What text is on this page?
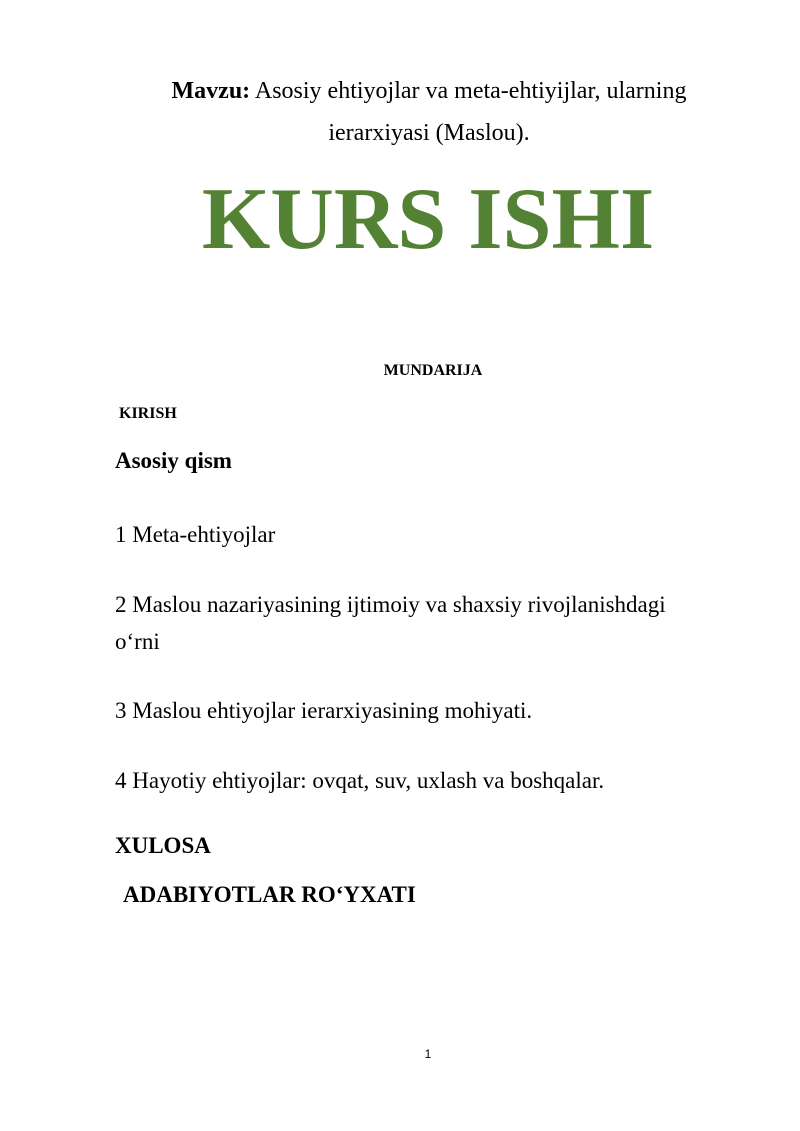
Mavzu: Asosiy ehtiyojlar va meta-ehtiyijlar, ularning
ierarxiyasi (Maslou).
KURS ISHI
MUNDARIJA
KIRISH
Asosiy qism
1 Meta-ehtiyojlar
2 Maslou nazariyasining ijtimoiy va shaxsiy rivojlanishdagi o‘rni
3 Maslou ehtiyojlar ierarxiyasining mohiyati.
4 Hayotiy ehtiyojlar: ovqat, suv, uxlash va boshqalar.
XULOSA
ADABIYOTLAR RO‘YXATI
1
